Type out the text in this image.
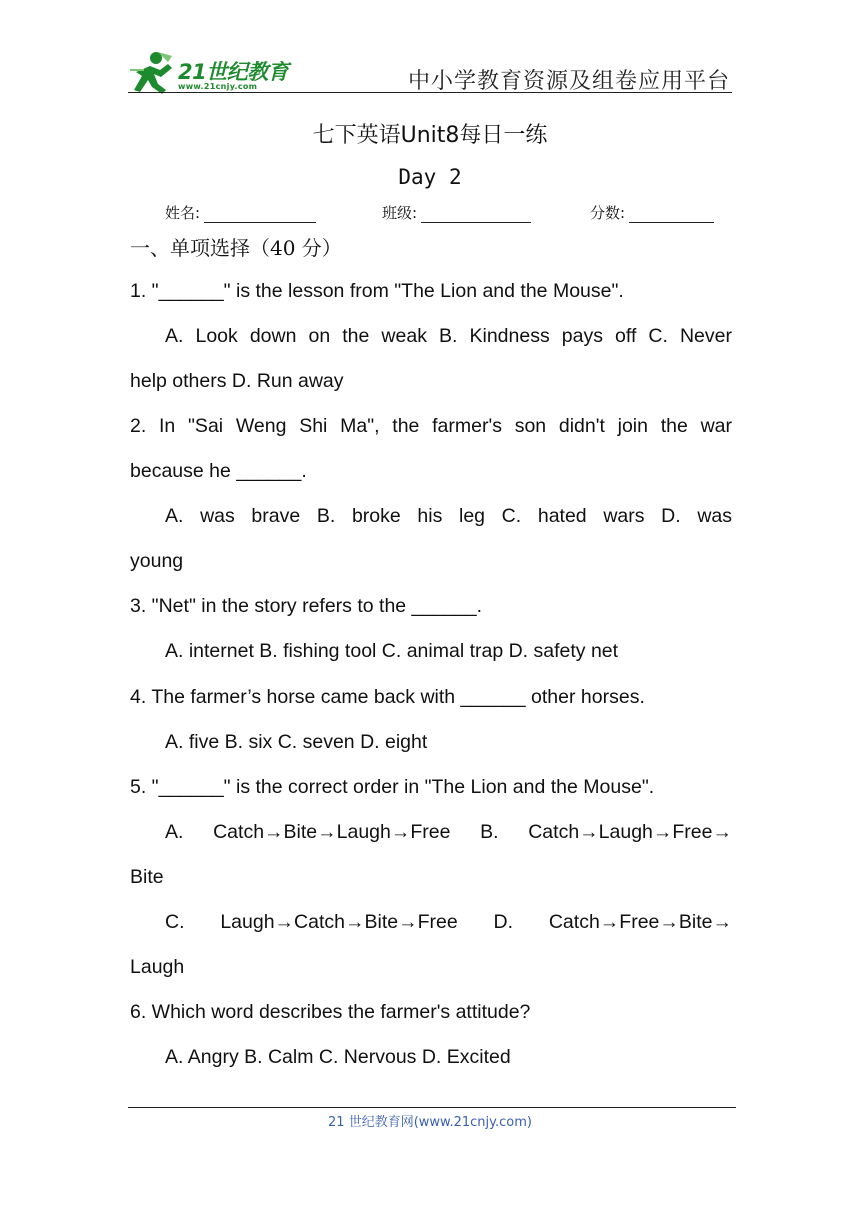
21世纪教育
www.21cnjy.com	中小学教育资源及组卷应用平台
七下英语Unit8每日一练
Day 2
姓名:	班级:	分数:
一、单项选择（40 分）
1. "______" is the lesson from "The Lion and the Mouse".
A. Look down on the weak B. Kindness pays off C. Never
help others D. Run away
2. In "Sai Weng Shi Ma", the farmer's son didn't join the war
because he ______.
A. was brave B. broke his leg C. hated wars D. was
young
3. "Net" in the story refers to the ______.
A. internet B. fishing tool C. animal trap D. safety net
4. The farmer’s horse came back with ______ other horses.
A. five B. six C. seven D. eight
5. "______" is the correct order in "The Lion and the Mouse".
A. Catch→Bite→Laugh→Free B. Catch→Laugh→Free→
Bite
C. Laugh→Catch→Bite→Free D. Catch→Free→Bite→
Laugh
6. Which word describes the farmer's attitude?
A. Angry B. Calm C. Nervous D. Excited
21 世纪教育网(www.21cnjy.com)
